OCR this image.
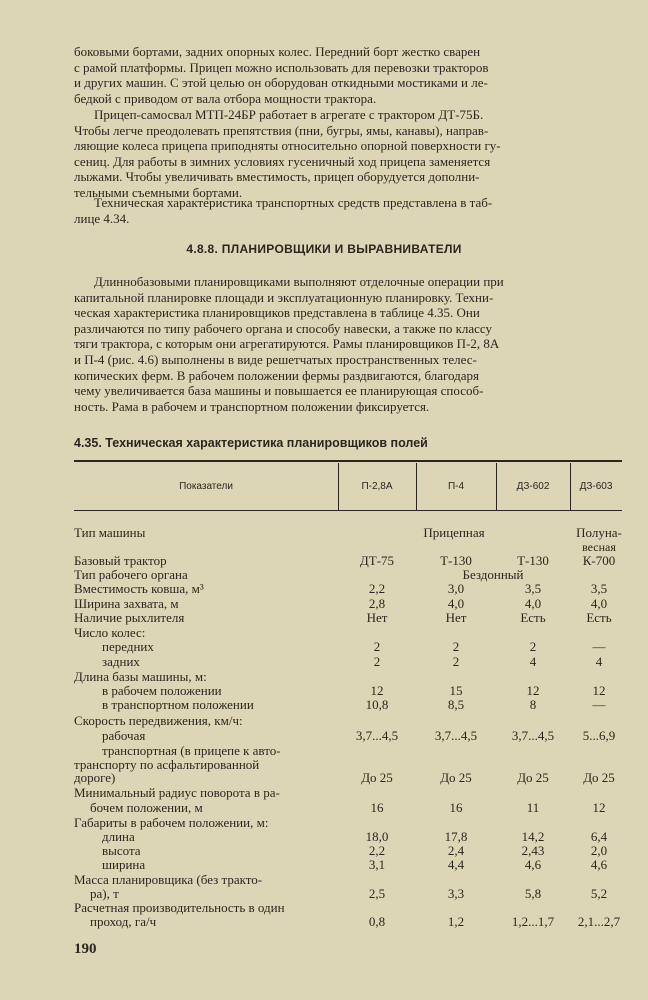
боковыми бортами, задних опорных колес. Передний борт жестко сварен
с рамой платформы. Прицеп можно использовать для перевозки тракторов
и других машин. С этой целью он оборудован откидными мостиками и ле-
бедкой с приводом от вала отбора мощности трактора.
Прицеп-самосвал МТП-24БР работает в агрегате с трактором ДТ-75Б.
Чтобы легче преодолевать препятствия (пни, бугры, ямы, канавы), направ-
ляющие колеса прицепа приподняты относительно опорной поверхности гу-
сениц. Для работы в зимних условиях гусеничный ход прицепа заменяется
лыжами. Чтобы увеличивать вместимость, прицеп оборудуется дополни-
тельными съемными бортами.
Техническая характеристика транспортных средств представлена в таб-
лице 4.34.
4.8.8. ПЛАНИРОВЩИКИ И ВЫРАВНИВАТЕЛИ
Длиннобазовыми планировщиками выполняют отделочные операции при
капитальной планировке площади и эксплуатационную планировку. Техни-
ческая характеристика планировщиков представлена в таблице 4.35. Они
различаются по типу рабочего органа и способу навески, а также по классу
тяги трактора, с которым они агрегатируются. Рамы планировщиков П-2, 8А
и П-4 (рис. 4.6) выполнены в виде решетчатых пространственных телес-
копических ферм. В рабочем положении фермы раздвигаются, благодаря
чему увеличивается база машины и повышается ее планирующая способ-
ность. Рама в рабочем и транспортном положении фиксируется.
4.35. Техническая характеристика планировщиков полей
Показатели	П-2,8А	П-4	ДЗ-602	ДЗ-603
Тип машины	Прицепная	Полуна-
весная
Базовый трактор	ДТ-75	Т-130	Т-130	К-700
Тип рабочего органа	Бездонный
Вместимость ковша, м³	2,2	3,0	3,5	3,5
Ширина захвата, м	2,8	4,0	4,0	4,0
Наличие рыхлителя	Нет	Нет	Есть	Есть
Число колес:
передних	2	2	2	—
задних	2	2	4	4
Длина базы машины, м:
в рабочем положении	12	15	12	12
в транспортном положении	10,8	8,5	8	—
Скорость передвижения, км/ч:
рабочая	3,7...4,5	3,7...4,5	3,7...4,5	5...6,9
транспортная (в прицепе к авто-
транспорту по асфальтированной
дороге)	До 25	До 25	До 25	До 25
Минимальный радиус поворота в ра-
бочем положении, м	16	16	11	12
Габариты в рабочем положении, м:
длина	18,0	17,8	14,2	6,4
высота	2,2	2,4	2,43	2,0
ширина	3,1	4,4	4,6	4,6
Масса планировщика (без тракто-
ра), т	2,5	3,3	5,8	5,2
Расчетная производительность в один
проход, га/ч	0,8	1,2	1,2...1,7	2,1...2,7
190
